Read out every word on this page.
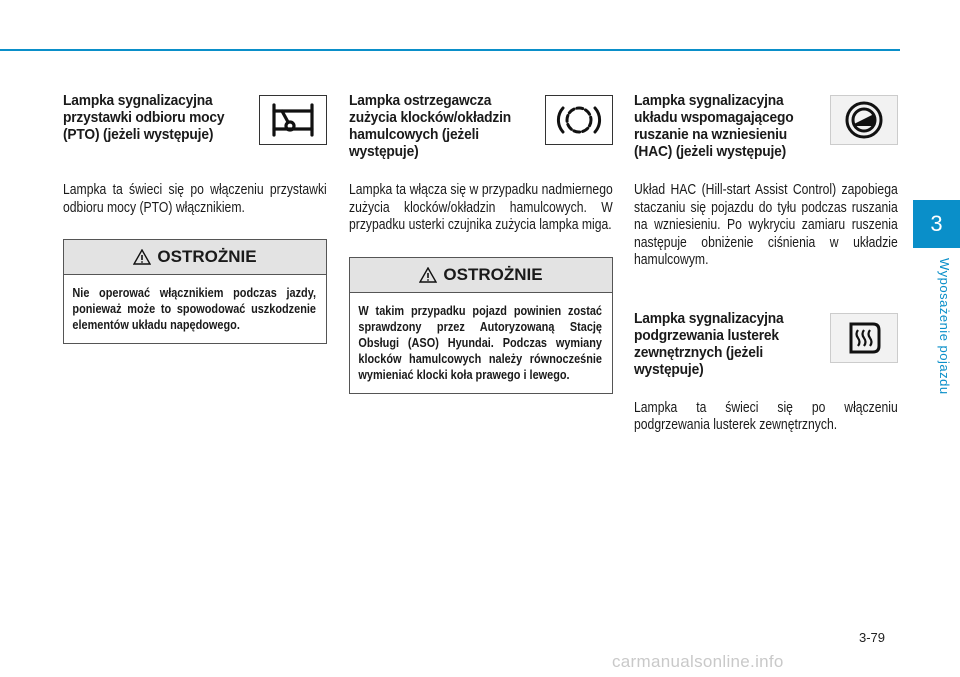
3
Wyposażenie pojazdu

Lampka sygnalizacyjna przystawki odbioru mocy (PTO) (jeżeli występuje)

Lampka ta świeci się po włączeniu przystawki odbioru mocy (PTO) włącznikiem.

OSTROŻNIE
Nie operować włącznikiem podczas jazdy, ponieważ może to spowodować uszkodzenie elementów układu napędowego.

Lampka ostrzegawcza zużycia klocków/okładzin hamulcowych (jeżeli występuje)

Lampka ta włącza się w przypadku nadmiernego zużycia klocków/okładzin hamulcowych. W przypadku usterki czujnika zużycia lampka miga.

OSTROŻNIE
W takim przypadku pojazd powinien zostać sprawdzony przez Autoryzowaną Stację Obsługi (ASO) Hyundai. Podczas wymiany klocków hamulcowych należy równocześnie wymieniać klocki koła prawego i lewego.

Lampka sygnalizacyjna układu wspomagającego ruszanie na wzniesieniu (HAC) (jeżeli występuje)

Układ HAC (Hill-start Assist Control) zapobiega staczaniu się pojazdu do tyłu podczas ruszania na wzniesieniu. Po wykryciu zamiaru ruszenia następuje obniżenie ciśnienia w układzie hamulcowym.

Lampka sygnalizacyjna podgrzewania lusterek zewnętrznych (jeżeli występuje)

Lampka ta świeci się po włączeniu podgrzewania lusterek zewnętrznych.

3-79
carmanualsonline.info
